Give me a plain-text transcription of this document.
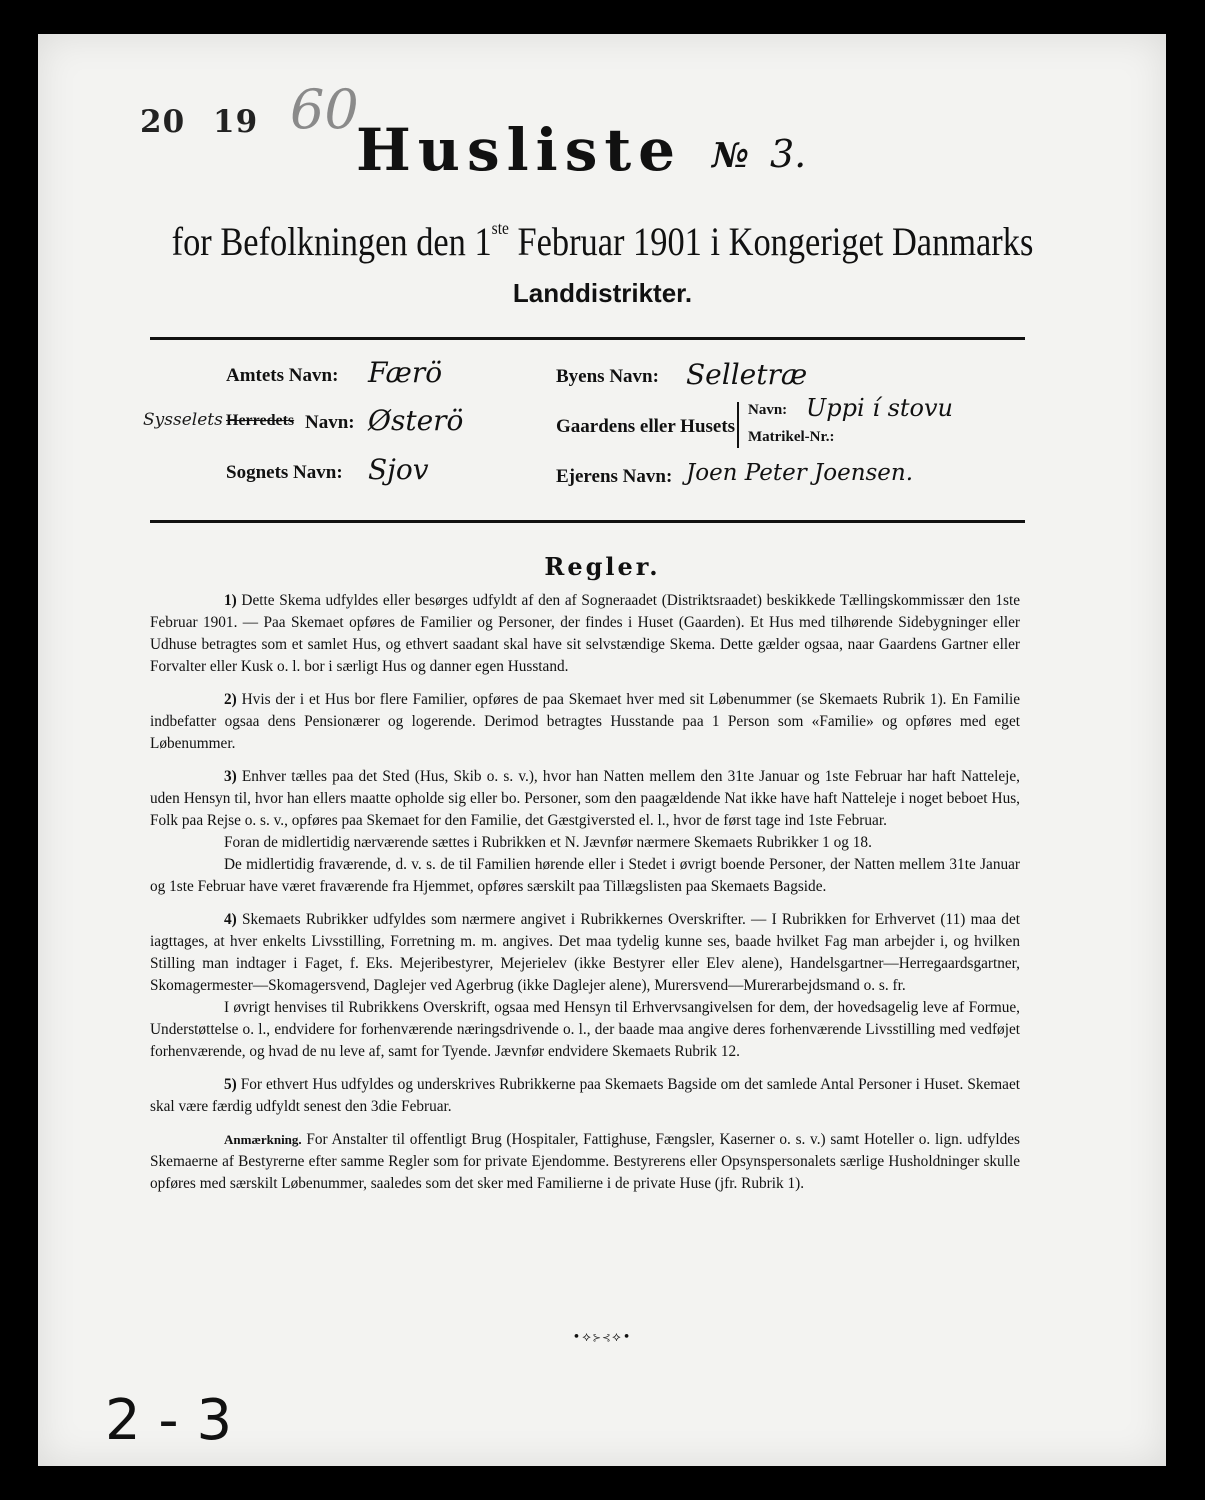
20 19 60
Husliste № 3.
for Befolkningen den 1ste Februar 1901 i Kongeriget Danmarks
Landdistrikter.
Amtets Navn: Færö
Sysselets Herredets Navn: Østerö
Sognets Navn: Sjov
Byens Navn: Selletræ
Gaardens eller Husets
Navn: Uppi í stovu
Matrikel-Nr.:
Ejerens Navn: Joen Peter Joensen.
Regler.

1) Dette Skema udfyldes eller besørges udfyldt af den af Sogneraadet (Distriktsraadet) beskikkede Tællingskommissær den 1ste Februar 1901. — Paa Skemaet opføres de Familier og Personer, der findes i Huset (Gaarden). Et Hus med tilhørende Sidebygninger eller Udhuse betragtes som et samlet Hus, og ethvert saadant skal have sit selvstændige Skema. Dette gælder ogsaa, naar Gaardens Gartner eller Forvalter eller Kusk o. l. bor i særligt Hus og danner egen Husstand.

2) Hvis der i et Hus bor flere Familier, opføres de paa Skemaet hver med sit Løbenummer (se Skemaets Rubrik 1). En Familie indbefatter ogsaa dens Pensionærer og logerende. Derimod betragtes Husstande paa 1 Person som «Familie» og opføres med eget Løbenummer.

3) Enhver tælles paa det Sted (Hus, Skib o. s. v.), hvor han Natten mellem den 31te Januar og 1ste Februar har haft Natteleje, uden Hensyn til, hvor han ellers maatte opholde sig eller bo. Personer, som den paagældende Nat ikke have haft Natteleje i noget beboet Hus, Folk paa Rejse o. s. v., opføres paa Skemaet for den Familie, det Gæstgiversted el. l., hvor de først tage ind 1ste Februar.

Foran de midlertidig nærværende sættes i Rubrikken et N. Jævnfør nærmere Skemaets Rubrikker 1 og 18.

De midlertidig fraværende, d. v. s. de til Familien hørende eller i Stedet i øvrigt boende Personer, der Natten mellem 31te Januar og 1ste Februar have været fraværende fra Hjemmet, opføres særskilt paa Tillægslisten paa Skemaets Bagside.

4) Skemaets Rubrikker udfyldes som nærmere angivet i Rubrikkernes Overskrifter. — I Rubrikken for Erhvervet (11) maa det iagttages, at hver enkelts Livsstilling, Forretning m. m. angives. Det maa tydelig kunne ses, baade hvilket Fag man arbejder i, og hvilken Stilling man indtager i Faget, f. Eks. Mejeribestyrer, Mejerielev (ikke Bestyrer eller Elev alene), Handelsgartner—Herregaardsgartner, Skomagermester—Skomagersvend, Daglejer ved Agerbrug (ikke Daglejer alene), Murersvend—Murerarbejdsmand o. s. fr.

I øvrigt henvises til Rubrikkens Overskrift, ogsaa med Hensyn til Erhvervsangivelsen for dem, der hovedsagelig leve af Formue, Understøttelse o. l., endvidere for forhenværende næringsdrivende o. l., der baade maa angive deres forhenværende Livsstilling med vedføjet forhenværende, og hvad de nu leve af, samt for Tyende. Jævnfør endvidere Skemaets Rubrik 12.

5) For ethvert Hus udfyldes og underskrives Rubrikkerne paa Skemaets Bagside om det samlede Antal Personer i Huset. Skemaet skal være færdig udfyldt senest den 3die Februar.

Anmærkning. For Anstalter til offentligt Brug (Hospitaler, Fattighuse, Fængsler, Kaserner o. s. v.) samt Hoteller o. lign. udfyldes Skemaerne af Bestyrerne efter samme Regler som for private Ejendomme. Bestyrerens eller Opsynspersonalets særlige Husholdninger skulle opføres med særskilt Løbenummer, saaledes som det sker med Familierne i de private Huse (jfr. Rubrik 1).

•⟡⊱⊰⟡•
2 - 3
